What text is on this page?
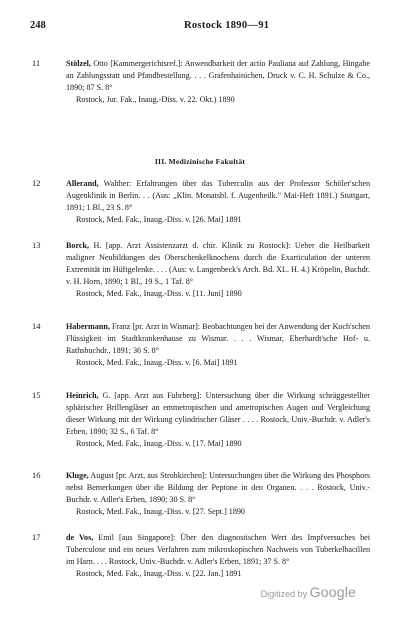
248	Rostock 1890—91
11	Stölzel, Otto [Kammergerichtsref.]: Anwendbarkeit der actio Pauliana auf Zahlung, Hingabe an Zahlungsstatt und Pfandbestellung. . . . Grafenhainichen, Druck v. C. H. Schulze & Co., 1890; 87 S. 8°
Rostock, Jur. Fak., Inaug.-Diss. v. 22. Okt.) 1890
III. Medizinische Fakultät
12	Allerand, Walther: Erfahrungen über das Tuberculin aus der Professor Schöler'schen Augenklinik in Berlin. . . (Aus: „Klin. Monatsbl. f. Augenheilk." Mai-Heft 1891.) Stuttgart, 1891; 1 Bl., 23 S. 8°
Rostock, Med. Fak., Inaug.-Diss. v. [26. Mai] 1891
13	Borck, H. [app. Arzt Assistenzarzt d. chir. Klinik zu Rostock]: Ueber die Heilbarkeit maligner Neubildungen des Oberschenkelknochens durch die Exarticulation der unteren Extremität im Hüftgelenke. . . . (Aus: v. Langenbeck's Arch. Bd. XL. H. 4.) Kröpelin, Buchdr. v. H. Horn, 1890; 1 Bl., 19 S., 1 Taf. 8°
Rostock, Med. Fak., Inaug.-Diss. v. [11. Juni] 1890
14	Habermann, Franz [pr. Arzt in Wismar]: Beobachtungen bei der Anwendung der Koch'schen Flüssigkeit im Stadtkrankenhause zu Wismar. . . . Wismar, Eberhardt'sche Hof- u. Rathsbuchdr., 1891; 36 S. 8°
Rostock, Med. Fak., Inaug.-Diss. v. [6. Mai] 1891
15	Heinrich, G. [app. Arzt aus Fuhrberg]: Untersuchung über die Wirkung schräggestellter sphärischer Brillengläser an emmetropischen und ametropischen Augen und Vergleichung dieser Wirkung mit der Wirkung cylindrischer Gläser . . . . Rostock, Univ.-Buchdr. v. Adler's Erben, 1890; 32 S., 6 Taf. 8°
Rostock, Med. Fak., Inaug.-Diss. v. [17. Mai] 1890
16	Kluge, August [pr. Arzt, aus Strohkirchen]: Untersuchungen über die Wirkung des Phosphors nebst Bemerkungen über die Bildung der Peptone in den Organen. . . . Rostock, Univ.-Buchdr. v. Adler's Erben, 1890; 30 S. 8°
Rostock, Med. Fak., Inaug.-Diss. v. [27. Sept.] 1890
17	de Vos, Emil [aus Singapore]: Über den diagnostischen Wert des Impfversuches bei Tuberculose und ein neues Verfahren zum mikroskopischen Nachweis von Tuberkelbacillen im Harn. . . . Rostock, Univ.-Buchdr. v. Adler's Erben, 1891; 37 S. 8°
Rostock, Med. Fak., Inaug.-Diss. v. [22. Jan.] 1891
Digitized by Google
